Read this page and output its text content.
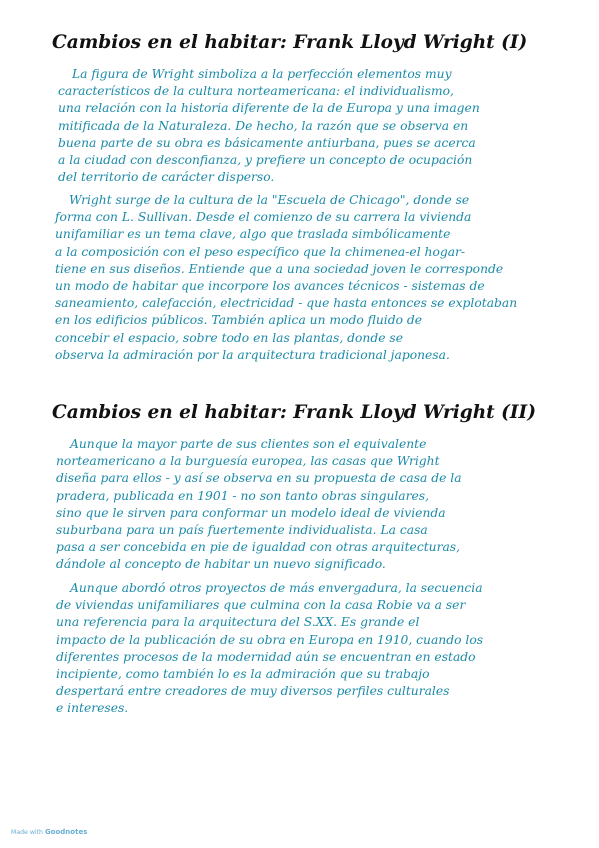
Cambios en el habitar: Frank Lloyd Wright (I)

La figura de Wright simboliza a la perfección elementos muy
característicos de la cultura norteamericana: el individualismo,
una relación con la historia diferente de la de Europa y una imagen
mitificada de la Naturaleza. De hecho, la razón que se observa en
buena parte de su obra es básicamente antiurbana, pues se acerca
a la ciudad con desconfianza, y prefiere un concepto de ocupación
del territorio de carácter disperso.

Wright surge de la cultura de la "Escuela de Chicago", donde se
forma con L. Sullivan. Desde el comienzo de su carrera la vivienda
unifamiliar es un tema clave, algo que traslada simbólicamente
a la composición con el peso específico que la chimenea-el hogar-
tiene en sus diseños. Entiende que a una sociedad joven le corresponde
un modo de habitar que incorpore los avances técnicos - sistemas de
saneamiento, calefacción, electricidad - que hasta entonces se explotaban
en los edificios públicos. También aplica un modo fluido de
concebir el espacio, sobre todo en las plantas, donde se
observa la admiración por la arquitectura tradicional japonesa.

Cambios en el habitar: Frank Lloyd Wright (II)

Aunque la mayor parte de sus clientes son el equivalente
norteamericano a la burguesía europea, las casas que Wright
diseña para ellos - y así se observa en su propuesta de casa de la
pradera, publicada en 1901 - no son tanto obras singulares,
sino que le sirven para conformar un modelo ideal de vivienda
suburbana para un país fuertemente individualista. La casa
pasa a ser concebida en pie de igualdad con otras arquitecturas,
dándole al concepto de habitar un nuevo significado.

Aunque abordó otros proyectos de más envergadura, la secuencia
de viviendas unifamiliares que culmina con la casa Robie va a ser
una referencia para la arquitectura del S.XX. Es grande el
impacto de la publicación de su obra en Europa en 1910, cuando los
diferentes procesos de la modernidad aún se encuentran en estado
incipiente, como también lo es la admiración que su trabajo
despertará entre creadores de muy diversos perfiles culturales
e intereses.

Made with Goodnotes
